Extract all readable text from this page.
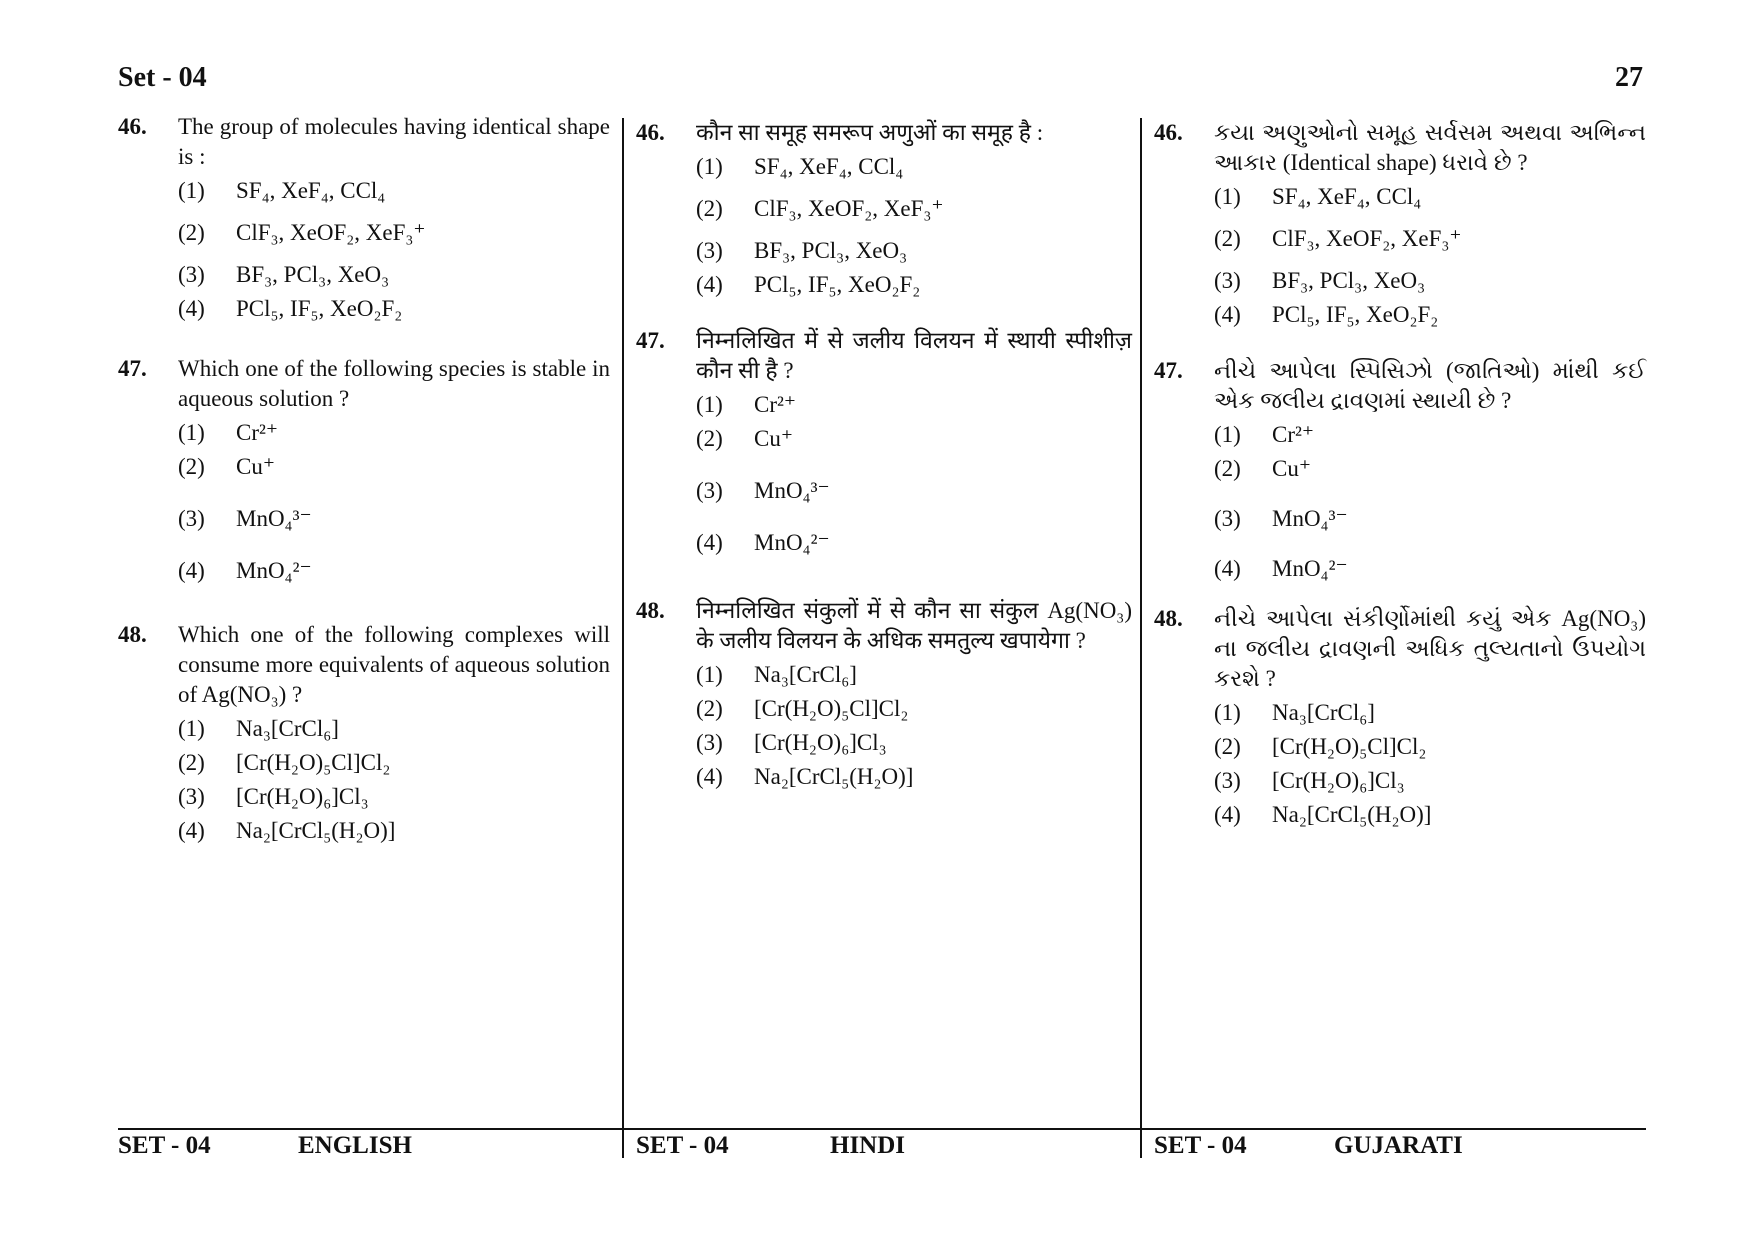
Set - 04	27
46. The group of molecules having identical shape is :
(1) SF₄, XeF₄, CCl₄
(2) ClF₃, XeOF₂, XeF₃⁺
(3) BF₃, PCl₃, XeO₃
(4) PCl₅, IF₅, XeO₂F₂
47. Which one of the following species is stable in aqueous solution ?
(1) Cr²⁺
(2) Cu⁺
(3) MnO₄³⁻
(4) MnO₄²⁻
48. Which one of the following complexes will consume more equivalents of aqueous solution of Ag(NO₃) ?
(1) Na₃[CrCl₆]
(2) [Cr(H₂O)₅Cl]Cl₂
(3) [Cr(H₂O)₆]Cl₃
(4) Na₂[CrCl₅(H₂O)]
46. कौन सा समूह समरूप अणुओं का समूह है :
(1) SF₄, XeF₄, CCl₄
(2) ClF₃, XeOF₂, XeF₃⁺
(3) BF₃, PCl₃, XeO₃
(4) PCl₅, IF₅, XeO₂F₂
47. निम्नलिखित में से जलीय विलयन में स्थायी स्पीशीज़ कौन सी है ?
(1) Cr²⁺
(2) Cu⁺
(3) MnO₄³⁻
(4) MnO₄²⁻
48. निम्नलिखित संकुलों में से कौन सा संकुल Ag(NO₃) के जलीय विलयन के अधिक समतुल्य खपायेगा ?
(1) Na₃[CrCl₆]
(2) [Cr(H₂O)₅Cl]Cl₂
(3) [Cr(H₂O)₆]Cl₃
(4) Na₂[CrCl₅(H₂O)]
46. કયા અણુઓનો સમૂહ સર્વસમ અથવા અભિન્ન આકાર (Identical shape) ધરાવે છે ?
(1) SF₄, XeF₄, CCl₄
(2) ClF₃, XeOF₂, XeF₃⁺
(3) BF₃, PCl₃, XeO₃
(4) PCl₅, IF₅, XeO₂F₂
47. નીચે આપેલા સ્પિસિઝો (જાતિઓ) માંથી કઈ એક જલીય દ્રાવણમાં સ્થાયી છે ?
(1) Cr²⁺
(2) Cu⁺
(3) MnO₄³⁻
(4) MnO₄²⁻
48. નીચે આપેલા સંકીર્ણોમાંથી કયું એક Ag(NO₃) ના જલીય દ્રાવણની અધિક તુલ્યતાનો ઉપયોગ કરશે ?
(1) Na₃[CrCl₆]
(2) [Cr(H₂O)₅Cl]Cl₂
(3) [Cr(H₂O)₆]Cl₃
(4) Na₂[CrCl₅(H₂O)]
SET - 04	ENGLISH	SET - 04	HINDI	SET - 04	GUJARATI
